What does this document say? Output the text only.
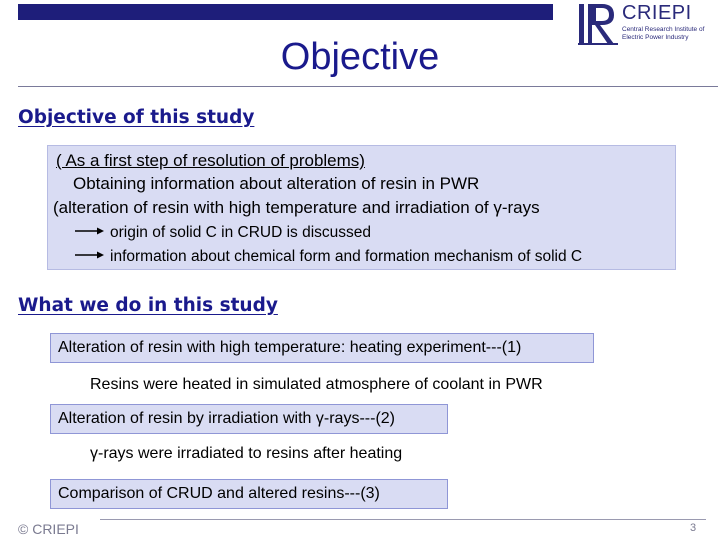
CRIEPI
Central Research Institute of
Electric Power Industry
Objective
Objective of this study
( As a first step of resolution of problems)
Obtaining information about alteration of resin in PWR
(alteration of resin with high temperature and irradiation of γ-rays
origin of solid C in CRUD is discussed
information about chemical form and formation mechanism of solid C
What we do in this study
Alteration of resin with high temperature: heating experiment---(1)
Resins were heated in simulated atmosphere of coolant in PWR
Alteration of resin by irradiation with γ-rays---(2)
γ-rays were irradiated to resins after heating
Comparison of CRUD and altered resins---(3)
© CRIEPI	3
